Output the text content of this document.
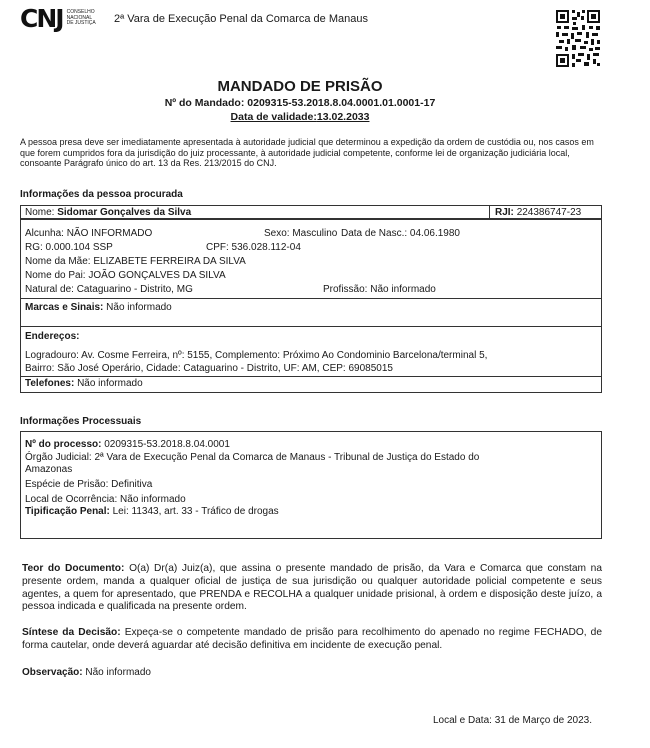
CNJ CONSELHO
NACIONAL
DE JUSTIÇA 2ª Vara de Execução Penal da Comarca de Manaus
MANDADO DE PRISÃO
Nº do Mandado: 0209315-53.2018.8.04.0001.01.0001-17
Data de validade:13.02.2033
A pessoa presa deve ser imediatamente apresentada à autoridade judicial que determinou a expedição da ordem de custódia ou, nos casos em que forem cumpridos fora da jurisdição do juiz processante, à autoridade judicial competente, conforme lei de organização judiciária local, consoante Parágrafo único do art. 13 da Res. 213/2015 do CNJ.
Informações da pessoa procurada
Nome: Sidomar Gonçalves da Silva	RJI: 224386747-23
Alcunha: NÃO INFORMADO	Sexo: Masculino Data de Nasc.: 04.06.1980
RG: 0.000.104 SSP	CPF: 536.028.112-04
Nome da Mãe: ELIZABETE FERREIRA DA SILVA
Nome do Pai: JOÃO GONÇALVES DA SILVA
Natural de: Cataguarino - Distrito, MG	Profissão: Não informado
Marcas e Sinais: Não informado
Endereços:
Logradouro: Av. Cosme Ferreira, nº: 5155, Complemento: Próximo Ao Condominio Barcelona/terminal 5,
Bairro: São José Operário, Cidade: Cataguarino - Distrito, UF: AM, CEP: 69085015
Telefones: Não informado
Informações Processuais
Nº do processo: 0209315-53.2018.8.04.0001
Órgão Judicial: 2ª Vara de Execução Penal da Comarca de Manaus - Tribunal de Justiça do Estado do
Amazonas
Espécie de Prisão: Definitiva
Local de Ocorrência: Não informado
Tipificação Penal: Lei: 11343, art. 33 - Tráfico de drogas
Teor do Documento: O(a) Dr(a) Juiz(a), que assina o presente mandado de prisão, da Vara e Comarca que constam na presente ordem, manda a qualquer oficial de justiça de sua jurisdição ou qualquer autoridade policial competente e seus agentes, a quem for apresentado, que PRENDA e RECOLHA a qualquer unidade prisional, à ordem e disposição deste juízo, a pessoa indicada e qualificada na presente ordem.
Síntese da Decisão: Expeça-se o competente mandado de prisão para recolhimento do apenado no regime FECHADO, de forma cautelar, onde deverá aguardar até decisão definitiva em incidente de execução penal.
Observação: Não informado
Local e Data: 31 de Março de 2023.
